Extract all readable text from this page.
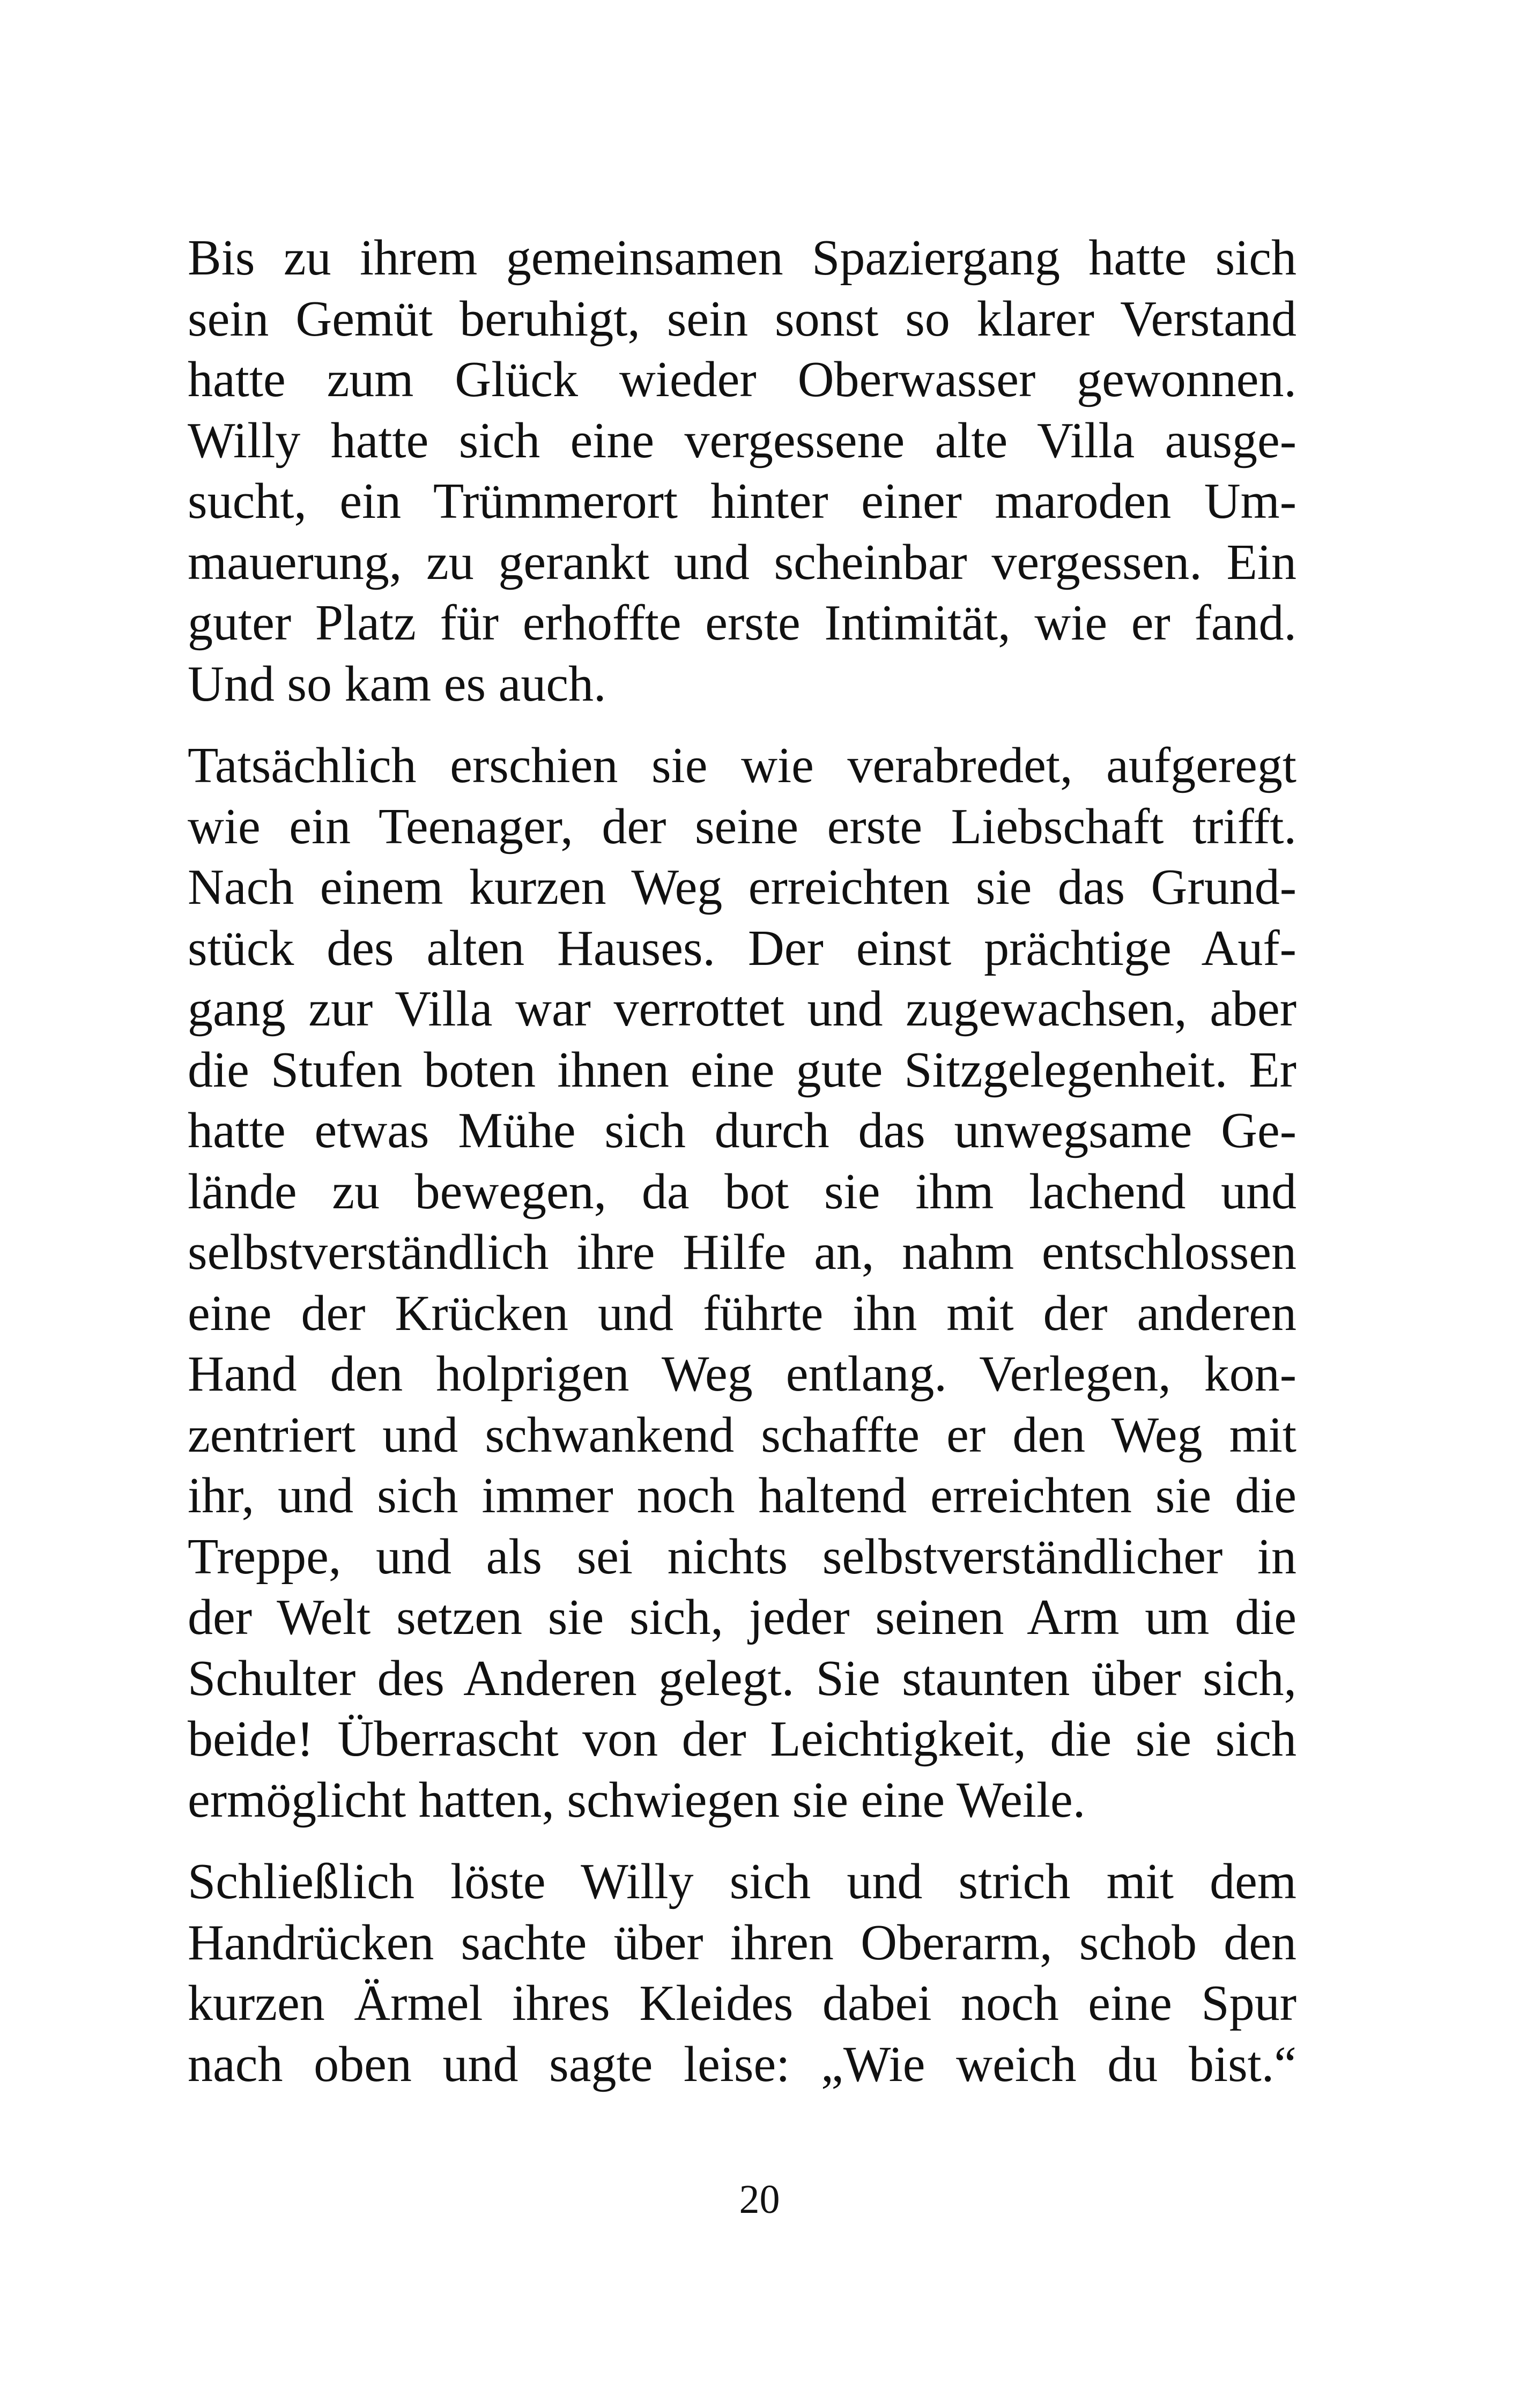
Bis zu ihrem gemeinsamen Spaziergang hatte sich
sein Gemüt beruhigt, sein sonst so klarer Verstand
hatte zum Glück wieder Oberwasser gewonnen.
Willy hatte sich eine vergessene alte Villa ausge-
sucht, ein Trümmerort hinter einer maroden Um-
mauerung, zu gerankt und scheinbar vergessen. Ein
guter Platz für erhoffte erste Intimität, wie er fand.
Und so kam es auch.

Tatsächlich erschien sie wie verabredet, aufgeregt
wie ein Teenager, der seine erste Liebschaft trifft.
Nach einem kurzen Weg erreichten sie das Grund-
stück des alten Hauses. Der einst prächtige Auf-
gang zur Villa war verrottet und zugewachsen, aber
die Stufen boten ihnen eine gute Sitzgelegenheit. Er
hatte etwas Mühe sich durch das unwegsame Ge-
lände zu bewegen, da bot sie ihm lachend und
selbstverständlich ihre Hilfe an, nahm entschlossen
eine der Krücken und führte ihn mit der anderen
Hand den holprigen Weg entlang. Verlegen, kon-
zentriert und schwankend schaffte er den Weg mit
ihr, und sich immer noch haltend erreichten sie die
Treppe, und als sei nichts selbstverständlicher in
der Welt setzen sie sich, jeder seinen Arm um die
Schulter des Anderen gelegt. Sie staunten über sich,
beide! Überrascht von der Leichtigkeit, die sie sich
ermöglicht hatten, schwiegen sie eine Weile.

Schließlich löste Willy sich und strich mit dem
Handrücken sachte über ihren Oberarm, schob den
kurzen Ärmel ihres Kleides dabei noch eine Spur
nach oben und sagte leise: „Wie weich du bist.“

20
